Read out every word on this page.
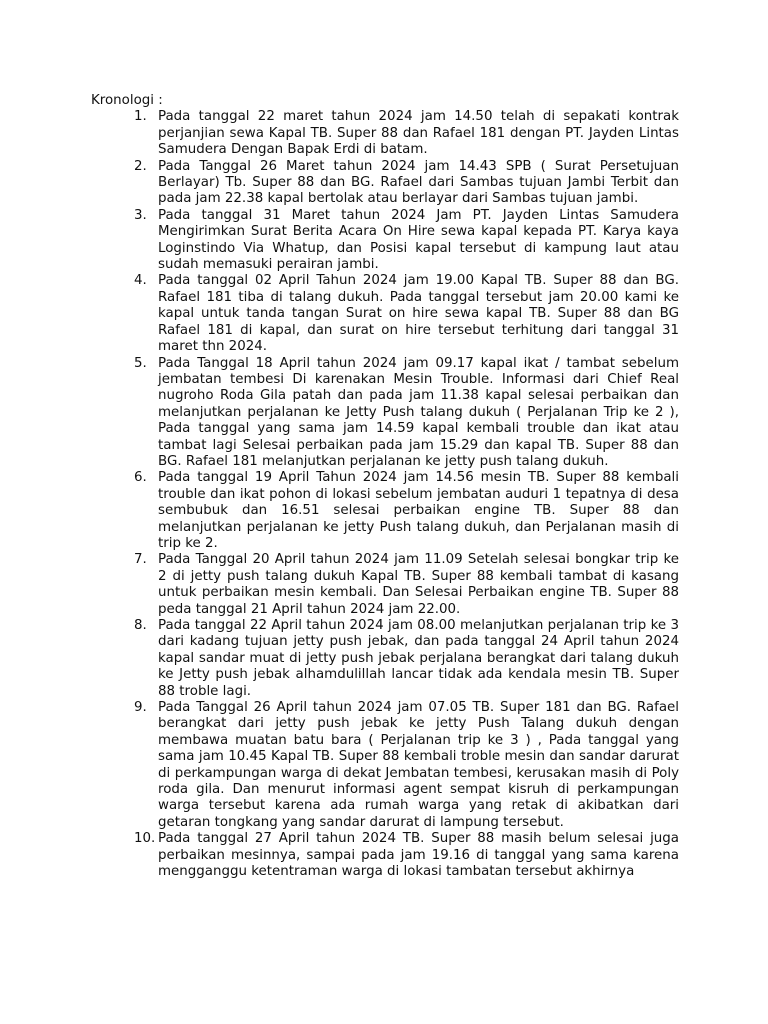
Kronologi :

1. Pada tanggal 22 maret tahun 2024 jam 14.50 telah di sepakati kontrak perjanjian sewa Kapal TB. Super 88 dan Rafael 181 dengan PT. Jayden Lintas Samudera Dengan Bapak Erdi di batam.
2. Pada Tanggal 26 Maret tahun 2024 jam 14.43 SPB ( Surat Persetujuan Berlayar) Tb. Super 88 dan BG. Rafael dari Sambas tujuan Jambi Terbit dan pada jam 22.38 kapal bertolak atau berlayar dari Sambas tujuan jambi.
3. Pada tanggal 31 Maret tahun 2024 Jam PT. Jayden Lintas Samudera Mengirimkan Surat Berita Acara On Hire sewa kapal kepada PT. Karya kaya Loginstindo Via Whatup, dan Posisi kapal tersebut di kampung laut atau sudah memasuki perairan jambi.
4. Pada tanggal 02 April Tahun 2024 jam 19.00 Kapal TB. Super 88 dan BG. Rafael 181 tiba di talang dukuh. Pada tanggal tersebut jam 20.00 kami ke kapal untuk tanda tangan Surat on hire sewa kapal TB. Super 88 dan BG Rafael 181 di kapal, dan surat on hire tersebut terhitung dari tanggal 31 maret thn 2024.
5. Pada Tanggal 18 April tahun 2024 jam 09.17 kapal ikat / tambat sebelum jembatan tembesi Di karenakan Mesin Trouble. Informasi dari Chief Real nugroho Roda Gila patah dan pada jam 11.38 kapal selesai perbaikan dan melanjutkan perjalanan ke Jetty Push talang dukuh ( Perjalanan Trip ke 2 ), Pada tanggal yang sama jam 14.59 kapal kembali trouble dan ikat atau tambat lagi Selesai perbaikan pada jam 15.29 dan kapal TB. Super 88 dan BG. Rafael 181 melanjutkan perjalanan ke jetty push talang dukuh.
6. Pada tanggal 19 April Tahun 2024 jam 14.56 mesin TB. Super 88 kembali trouble dan ikat pohon di lokasi sebelum jembatan auduri 1 tepatnya di desa sembubuk dan 16.51 selesai perbaikan engine TB. Super 88 dan melanjutkan perjalanan ke jetty Push talang dukuh, dan Perjalanan masih di trip ke 2.
7. Pada Tanggal 20 April tahun 2024 jam 11.09 Setelah selesai bongkar trip ke 2 di jetty push talang dukuh Kapal TB. Super 88 kembali tambat di kasang untuk perbaikan mesin kembali. Dan Selesai Perbaikan engine TB. Super 88 peda tanggal 21 April tahun 2024 jam 22.00.
8. Pada tanggal 22 April tahun 2024 jam 08.00 melanjutkan perjalanan trip ke 3 dari kadang tujuan jetty push jebak, dan pada tanggal 24 April tahun 2024 kapal sandar muat di jetty push jebak perjalana berangkat dari talang dukuh ke Jetty push jebak alhamdulillah lancar tidak ada kendala mesin TB. Super 88 troble lagi.
9. Pada Tanggal 26 April tahun 2024 jam 07.05 TB. Super 181 dan BG. Rafael berangkat dari jetty push jebak ke jetty Push Talang dukuh dengan membawa muatan batu bara ( Perjalanan trip ke 3 ) , Pada tanggal yang sama jam 10.45 Kapal TB. Super 88 kembali troble mesin dan sandar darurat di perkampungan warga di dekat Jembatan tembesi, kerusakan masih di Poly roda gila. Dan menurut informasi agent sempat kisruh di perkampungan warga tersebut karena ada rumah warga yang retak di akibatkan dari getaran tongkang yang sandar darurat di lampung tersebut.
10. Pada tanggal 27 April tahun 2024 TB. Super 88 masih belum selesai juga perbaikan mesinnya, sampai pada jam 19.16 di tanggal yang sama karena mengganggu ketentraman warga di lokasi tambatan tersebut akhirnya
